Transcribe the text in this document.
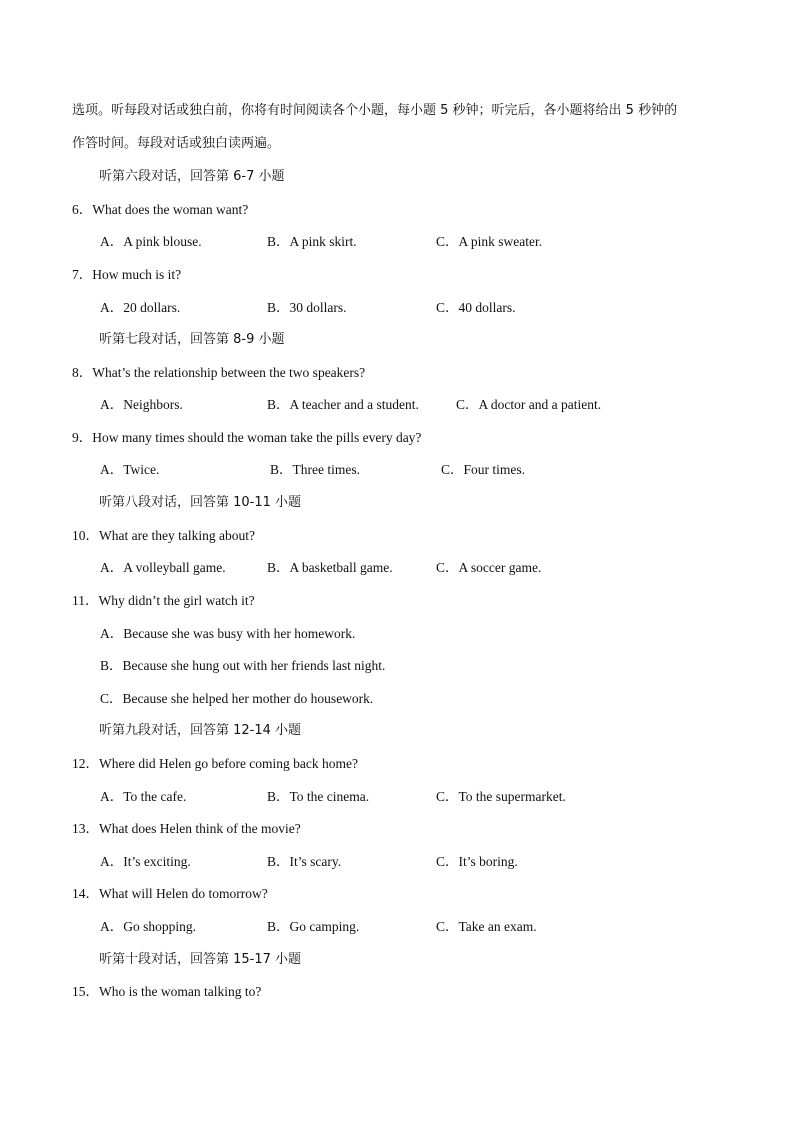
选项。听每段对话或独白前，你将有时间阅读各个小题，每小题 5 秒钟；听完后，各小题将给出 5 秒钟的
作答时间。每段对话或独白读两遍。
听第六段对话，回答第 6-7 小题
6．What does the woman want?
A．A pink blouse.	B．A pink skirt.	C．A pink sweater.
7．How much is it?
A．20 dollars.	B．30 dollars.	C．40 dollars.
听第七段对话，回答第 8-9 小题
8．What’s the relationship between the two speakers?
A．Neighbors.	B．A teacher and a student.	C．A doctor and a patient.
9．How many times should the woman take the pills every day?
A．Twice.	B．Three times.	C．Four times.
听第八段对话，回答第 10-11 小题
10．What are they talking about?
A．A volleyball game.	B．A basketball game.	C．A soccer game.
11．Why didn’t the girl watch it?
A．Because she was busy with her homework.
B．Because she hung out with her friends last night.
C．Because she helped her mother do housework.
听第九段对话，回答第 12-14 小题
12．Where did Helen go before coming back home?
A．To the cafe.	B．To the cinema.	C．To the supermarket.
13．What does Helen think of the movie?
A．It’s exciting.	B．It’s scary.	C．It’s boring.
14．What will Helen do tomorrow?
A．Go shopping.	B．Go camping.	C．Take an exam.
听第十段对话，回答第 15-17 小题
15．Who is the woman talking to?
